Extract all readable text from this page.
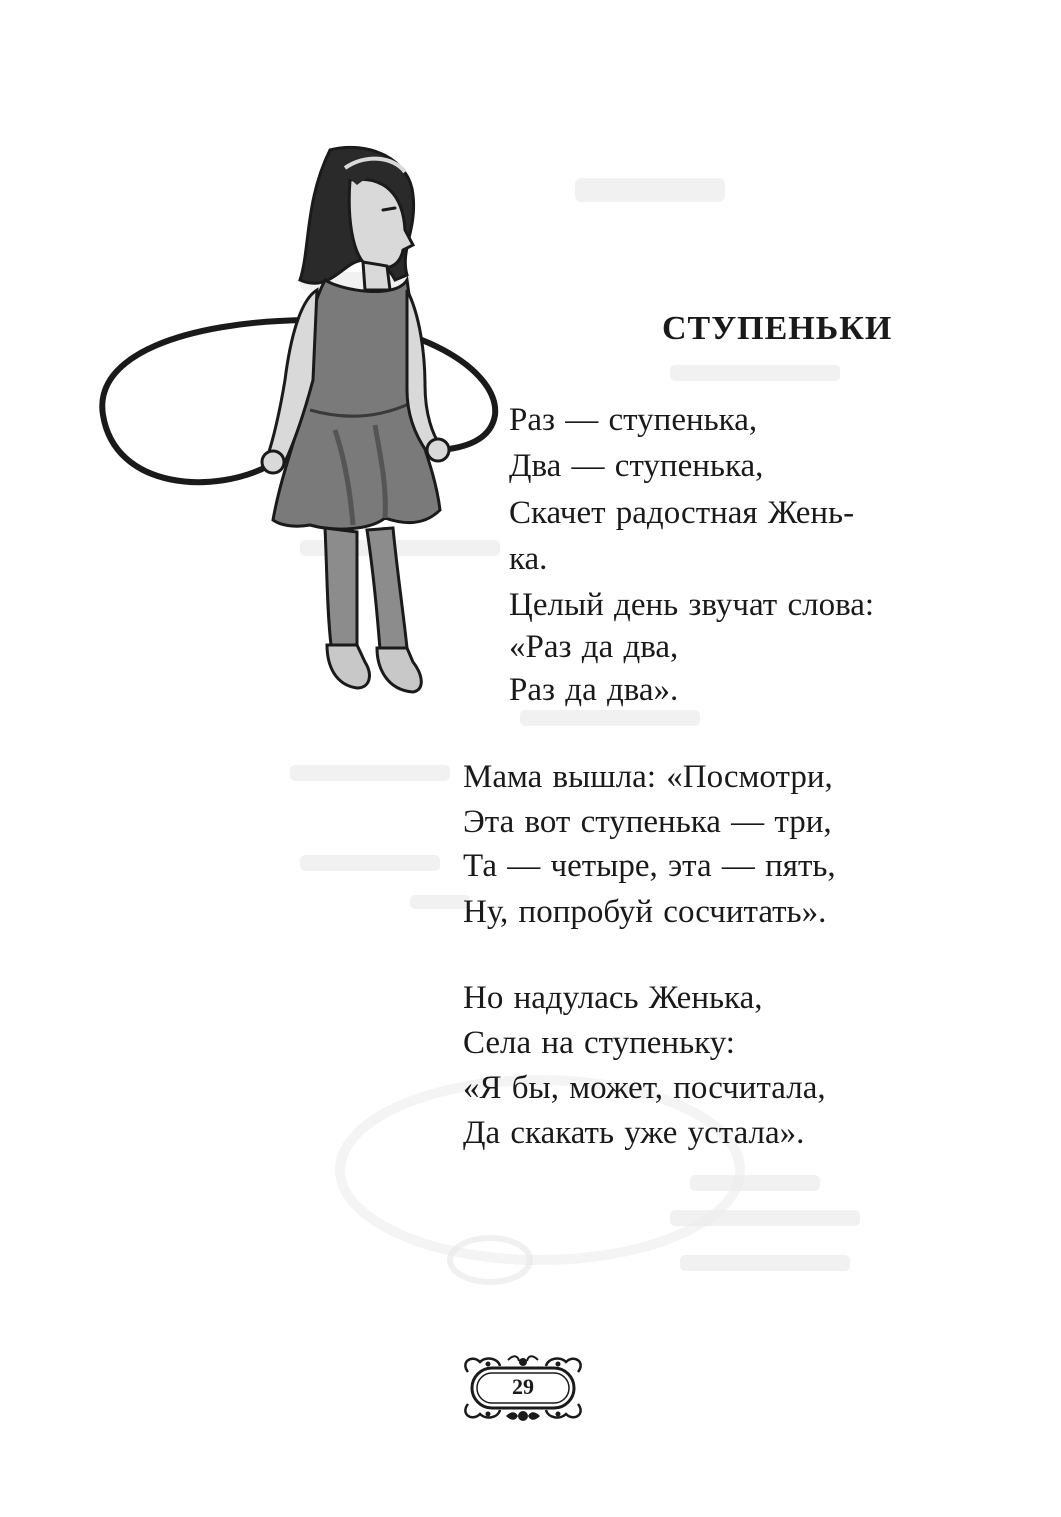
СТУПЕНЬКИ
Раз — ступенька,
Два — ступенька,
Скачет радостная Жень-
ка.
Целый день звучат слова:
«Раз да два,
Раз да два».
Мама вышла: «Посмотри,
Эта вот ступенька — три,
Та — четыре, эта — пять,
Ну, попробуй сосчитать».
Но надулась Женька,
Села на ступеньку:
«Я бы, может, посчитала,
Да скакать уже устала».
29
